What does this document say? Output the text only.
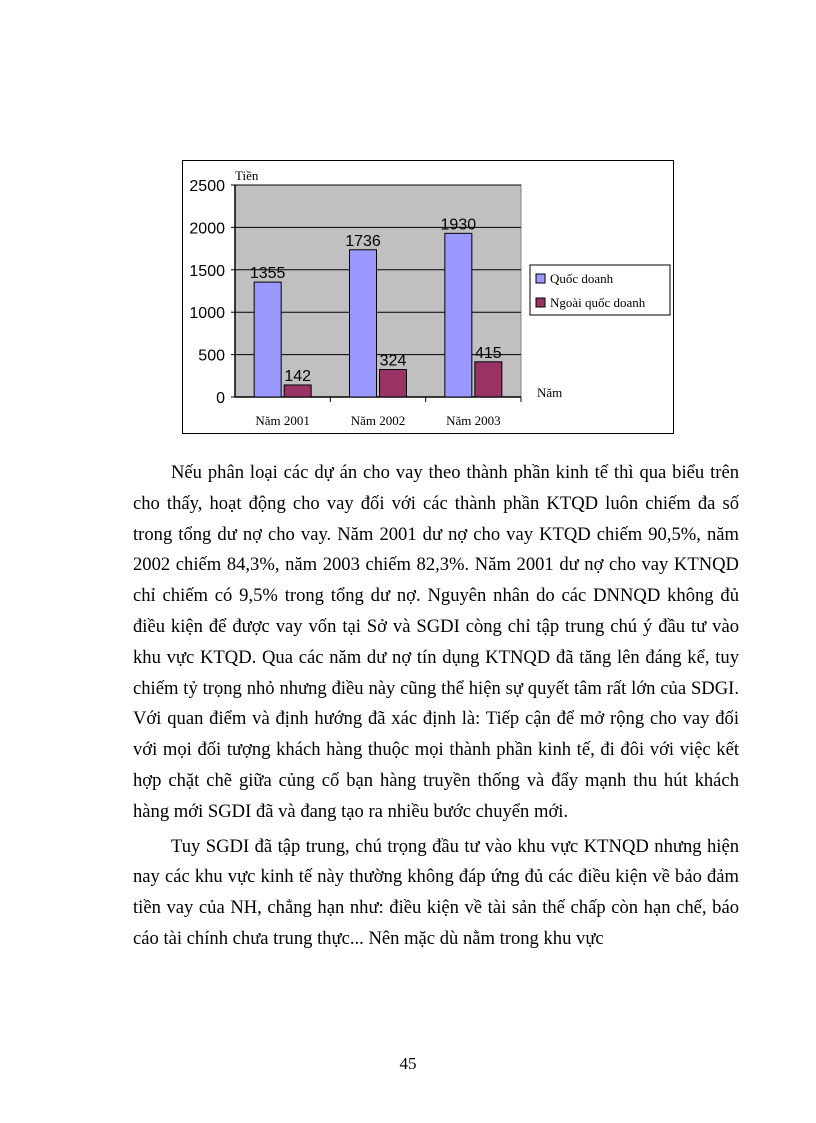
0
500
1000
1500
2000
2500
Tiền
Năm
1355
142
Năm 2001
1736
324
Năm 2002
1930
415
Năm 2003
Quốc doanh
Ngoài quốc doanh

Nếu phân loại các dự án cho vay theo thành phần kinh tế thì qua biểu trên cho thấy, hoạt động cho vay đối với các thành phần KTQD luôn chiếm đa số trong tổng dư nợ cho vay. Năm 2001 dư nợ cho vay KTQD chiếm 90,5%, năm 2002 chiếm 84,3%, năm 2003 chiếm 82,3%. Năm 2001 dư nợ cho vay KTNQD chỉ chiếm có 9,5% trong tổng dư nợ. Nguyên nhân do các DNNQD không đủ điều kiện để được vay vốn tại Sở và SGDI còng chỉ tập trung chú ý đầu tư vào khu vực KTQD. Qua các năm dư nợ tín dụng KTNQD đã tăng lên đáng kể, tuy chiếm tỷ trọng nhỏ nhưng điều này cũng thể hiện sự quyết tâm rất lớn của SDGI. Với quan điểm và định hướng đã xác định là: Tiếp cận để mở rộng cho vay đối với mọi đối tượng khách hàng thuộc mọi thành phần kinh tế, đi đôi với việc kết hợp chặt chẽ giữa củng cố bạn hàng truyền thống và đẩy mạnh thu hút khách hàng mới SGDI đã và đang tạo ra nhiều bước chuyển mới.

Tuy SGDI đã tập trung, chú trọng đầu tư vào khu vực KTNQD nhưng hiện nay các khu vực kinh tế này thường không đáp ứng đủ các điều kiện về bảo đảm tiền vay của NH, chẳng hạn như: điều kiện về tài sản thế chấp còn hạn chế, báo cáo tài chính chưa trung thực... Nên mặc dù nằm trong khu vực

45
